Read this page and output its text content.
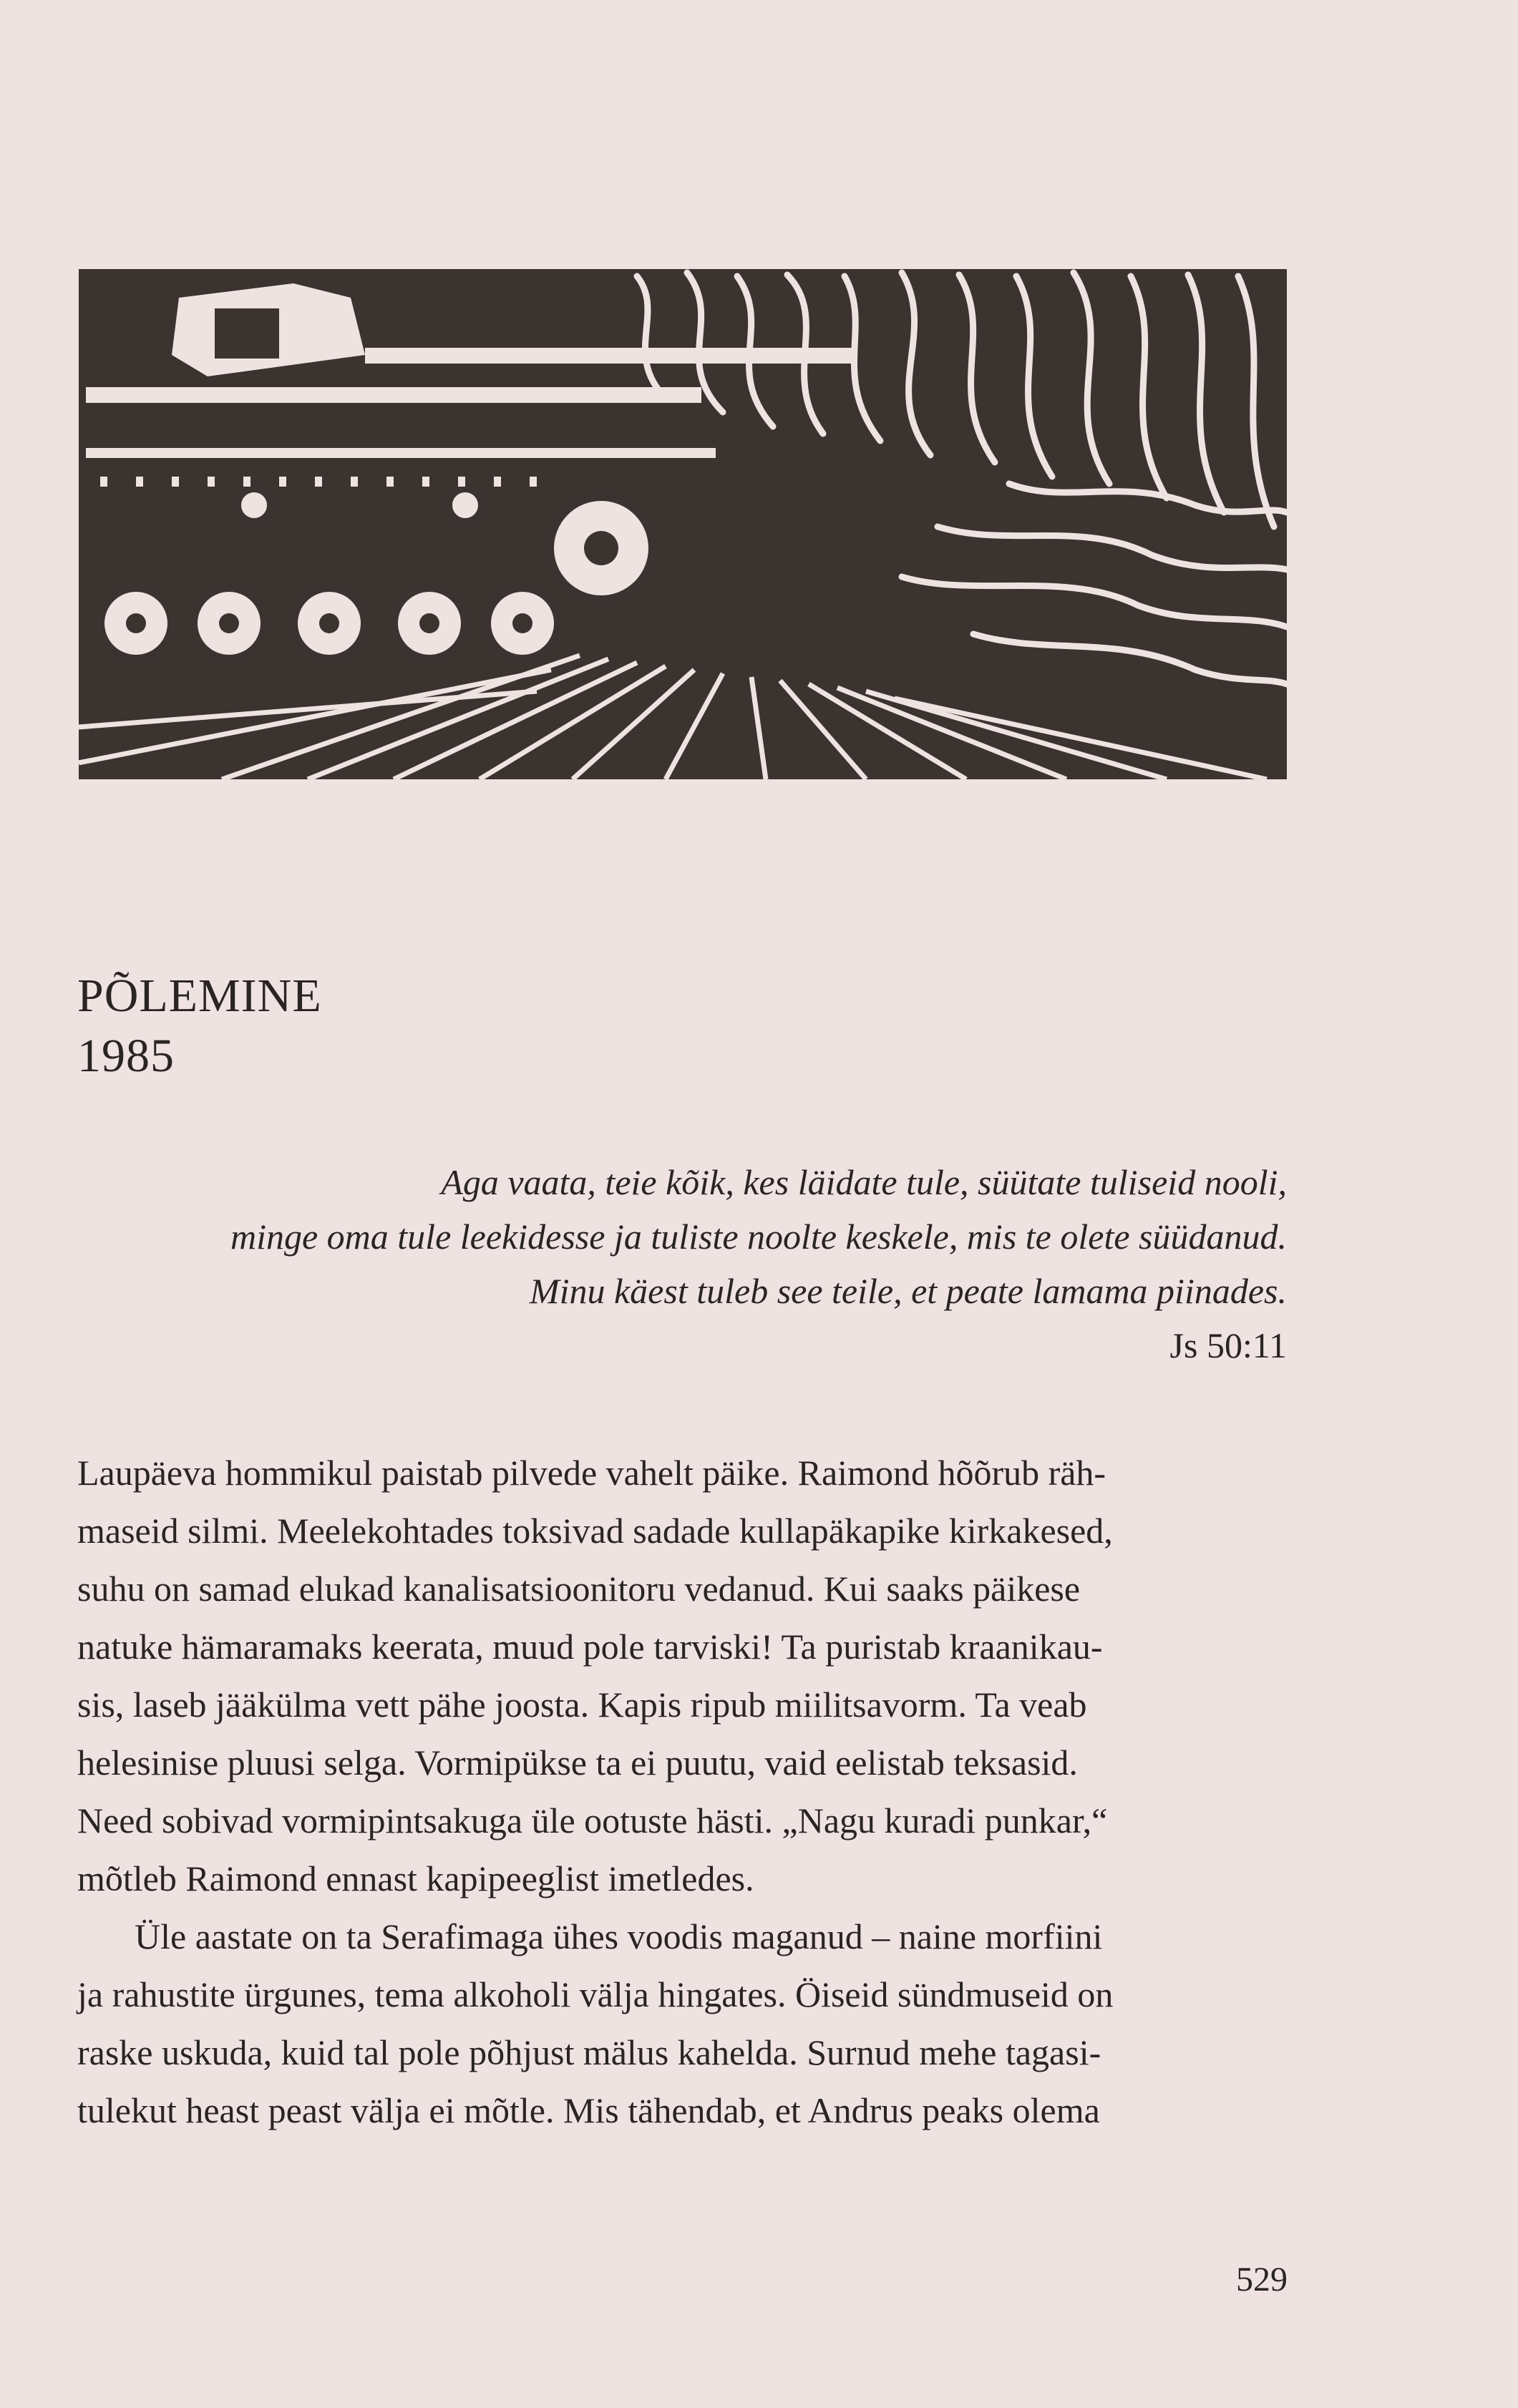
PÕLEMINE
1985
Aga vaata, teie kõik, kes läidate tule, süütate tuliseid nooli,
minge oma tule leekidesse ja tuliste noolte keskele, mis te olete süüdanud.
Minu käest tuleb see teile, et peate lamama piinades.
Js 50:11

Laupäeva hommikul paistab pilvede vahelt päike. Raimond hõõrub räh-
maseid silmi. Meelekohtades toksivad sadade kullapäkapike kirkakesed,
suhu on samad elukad kanalisatsioonitoru vedanud. Kui saaks päikese
natuke hämaramaks keerata, muud pole tarviski! Ta puristab kraanikau-
sis, laseb jääkülma vett pähe joosta. Kapis ripub miilitsavorm. Ta veab
helesinise pluusi selga. Vormipükse ta ei puutu, vaid eelistab teksasid.
Need sobivad vormipintsakuga üle ootuste hästi. „Nagu kuradi punkar,“
mõtleb Raimond ennast kapipeeglist imetledes.

Üle aastate on ta Serafimaga ühes voodis maganud – naine morfiini
ja rahustite ürgunes, tema alkoholi välja hingates. Öiseid sündmuseid on
raske uskuda, kuid tal pole põhjust mälus kahelda. Surnud mehe tagasi-
tulekut heast peast välja ei mõtle. Mis tähendab, et Andrus peaks olema

529
